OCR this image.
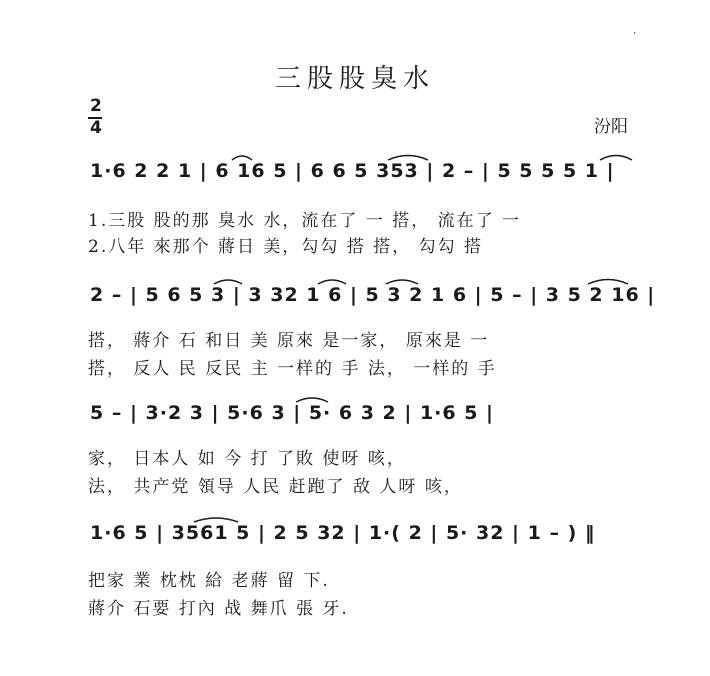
三股股臭水
汾阳
ᐝ
2
4
1·6 2 2 1 | 6 16 5 | 6 6 5 353 | 2 – | 5 5 5 5 1 |
1.三股 股的那 臭水 水，流在了 一 搭， 流在了 一
2.八年 來那个 蔣日 美，勾勾 搭 搭， 勾勾 搭
2 – | 5 6 5 3 | 3 32 1 6 | 5 3 2 1 6 | 5 – | 3 5 2 16 |
搭， 蔣介 石 和日 美 原來 是一家， 原來是 一
搭， 反人 民 反民 主 一样的 手 法， 一样的 手
5 – | 3·2 3 | 5·6 3 | 5· 6 3 2 | 1·6 5 |
家， 日本人 如 今 打 了敗 使呀 咳，
法， 共产党 領导 人民 赶跑了 敌 人呀 咳，
1·6 5 | 3561 5 | 2 5 32 | 1·( 2 | 5· 32 | 1 – ) ‖
把家 業 枕枕 給 老蔣 留 下.
蔣介 石要 打內 战 舞爪 張 牙.
